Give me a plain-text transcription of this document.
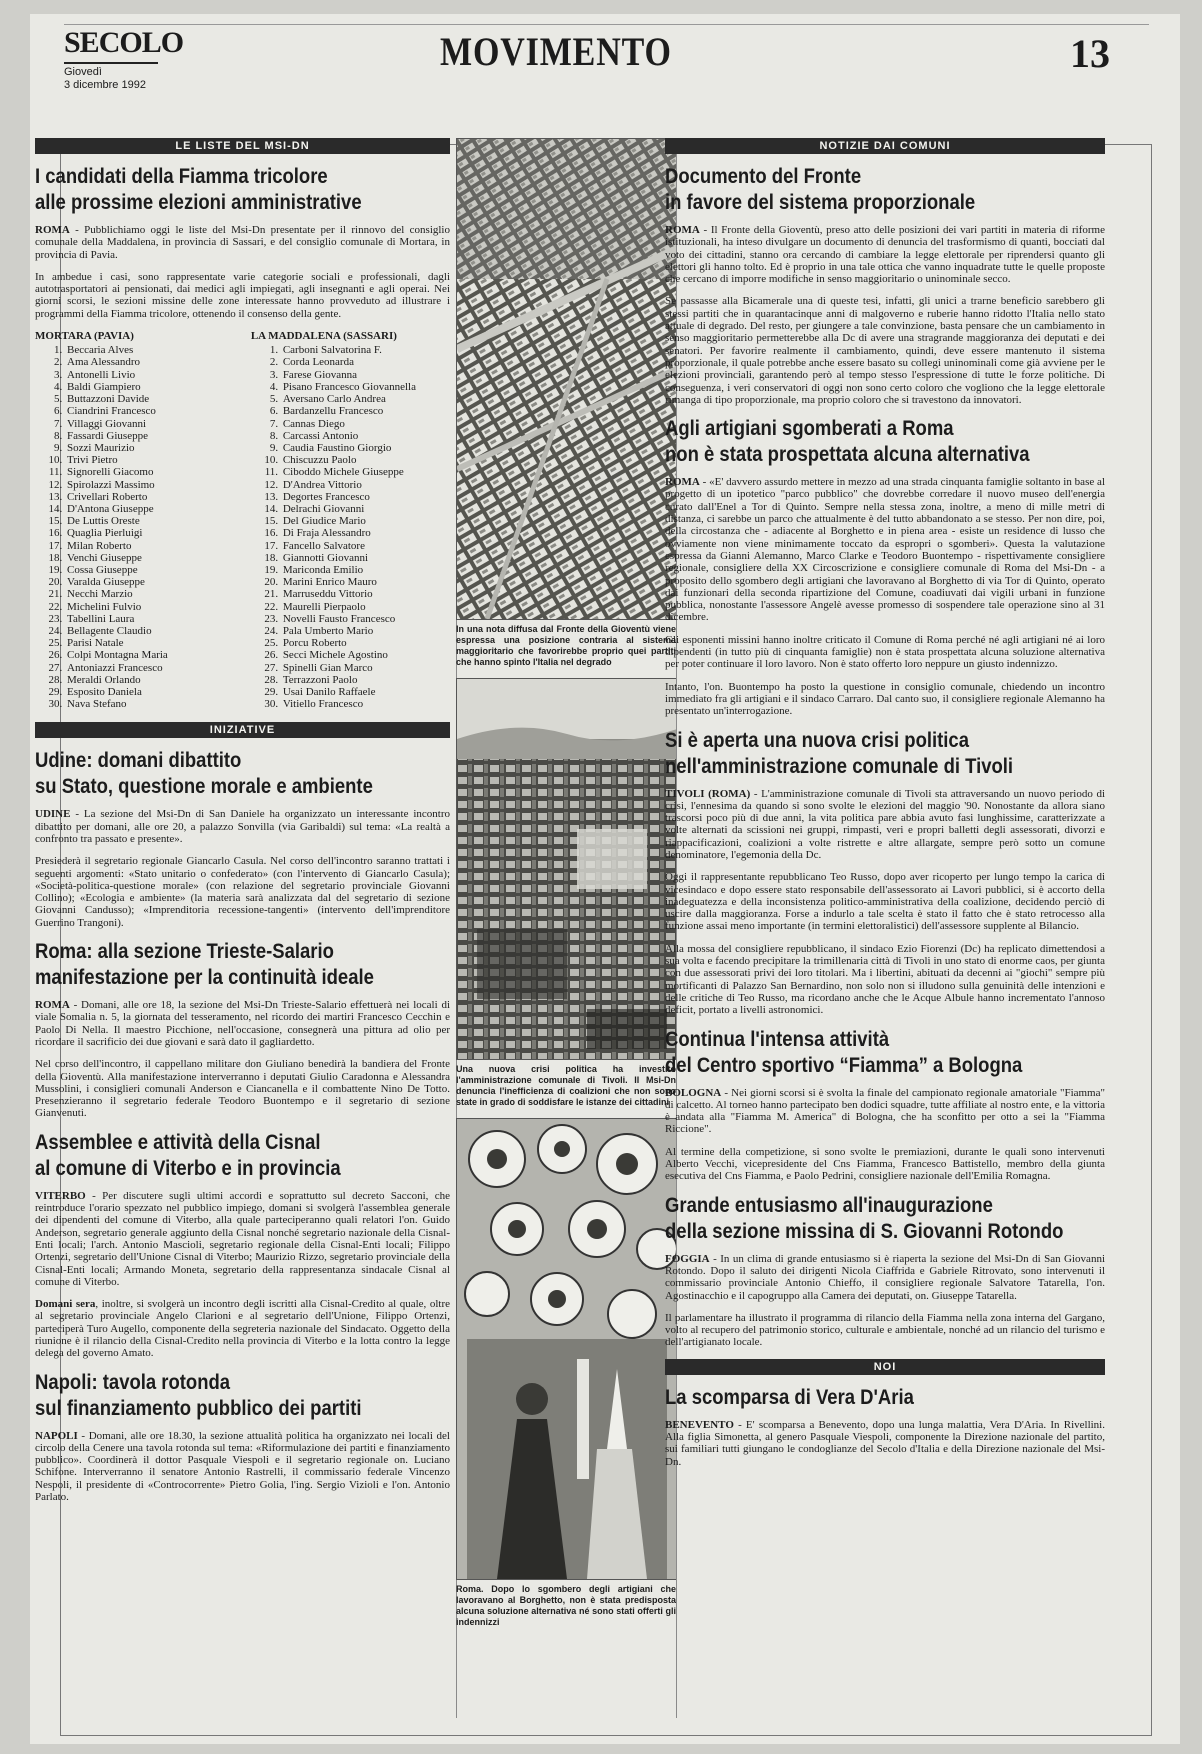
SECOLO
Giovedì
3 dicembre 1992
MOVIMENTO	13
LE LISTE DEL MSI-DN
I candidati della Fiamma tricolore
alle prossime elezioni amministrative

ROMA - Pubblichiamo oggi le liste del Msi-Dn presentate per il rinnovo del consiglio comunale della Maddalena, in provincia di Sassari, e del consiglio comunale di Mortara, in provincia di Pavia.

In ambedue i casi, sono rappresentate varie categorie sociali e professionali, dagli autotrasportatori ai pensionati, dai medici agli impiegati, agli insegnanti e agli operai. Nei giorni scorsi, le sezioni missine delle zone interessate hanno provveduto ad illustrare i programmi della Fiamma tricolore, ottenendo il consenso della gente.

MORTARA (PAVIA)
1. Beccaria Alves
2. Ama Alessandro
3. Antonelli Livio
4. Baldi Giampiero
5. Buttazzoni Davide
6. Ciandrini Francesco
7. Villaggi Giovanni
8. Fassardi Giuseppe
9. Sozzi Maurizio
10. Trivi Pietro
11. Signorelli Giacomo
12. Spirolazzi Massimo
13. Crivellari Roberto
14. D'Antona Giuseppe
15. De Luttis Oreste
16. Quaglia Pierluigi
17. Milan Roberto
18. Venchi Giuseppe
19. Cossa Giuseppe
20. Varalda Giuseppe
21. Necchi Marzio
22. Michelini Fulvio
23. Tabellini Laura
24. Bellagente Claudio
25. Parisi Natale
26. Colpi Montagna Maria
27. Antoniazzi Francesco
28. Meraldi Orlando
29. Esposito Daniela
30. Nava Stefano
LA MADDALENA (SASSARI)
1. Carboni Salvatorina F.
2. Corda Leonarda
3. Farese Giovanna
4. Pisano Francesco Giovannella
5. Aversano Carlo Andrea
6. Bardanzellu Francesco
7. Cannas Diego
8. Carcassi Antonio
9. Caudia Faustino Giorgio
10. Chiscuzzu Paolo
11. Ciboddo Michele Giuseppe
12. D'Andrea Vittorio
13. Degortes Francesco
14. Delrachi Giovanni
15. Del Giudice Mario
16. Di Fraja Alessandro
17. Fancello Salvatore
18. Giannotti Giovanni
19. Mariconda Emilio
20. Marini Enrico Mauro
21. Marruseddu Vittorio
22. Maurelli Pierpaolo
23. Novelli Fausto Francesco
24. Pala Umberto Mario
25. Porcu Roberto
26. Secci Michele Agostino
27. Spinelli Gian Marco
28. Terrazzoni Paolo
29. Usai Danilo Raffaele
30. Vitiello Francesco
INIZIATIVE
Udine: domani dibattito
su Stato, questione morale e ambiente

UDINE - La sezione del Msi-Dn di San Daniele ha organizzato un interessante incontro dibattito per domani, alle ore 20, a palazzo Sonvilla (via Garibaldi) sul tema: «La realtà a confronto tra passato e presente».

Presiederà il segretario regionale Giancarlo Casula. Nel corso dell'incontro saranno trattati i seguenti argomenti: «Stato unitario o confederato» (con l'intervento di Giancarlo Casula); «Società-politica-questione morale» (con relazione del segretario provinciale Giovanni Collino); «Ecologia e ambiente» (la materia sarà analizzata dal del segretario di sezione Giovanni Candusso); «Imprenditoria recessione-tangenti» (intervento dell'imprenditore Guerrino Trangoni).

Roma: alla sezione Trieste-Salario
manifestazione per la continuità ideale

ROMA - Domani, alle ore 18, la sezione del Msi-Dn Trieste-Salario effettuerà nei locali di viale Somalia n. 5, la giornata del tesseramento, nel ricordo dei martiri Francesco Cecchin e Paolo Di Nella. Il maestro Picchione, nell'occasione, consegnerà una pittura ad olio per ricordare il sacrificio dei due giovani e sarà dato il gagliardetto.

Nel corso dell'incontro, il cappellano militare don Giuliano benedirà la bandiera del Fronte della Gioventù. Alla manifestazione interverranno i deputati Giulio Caradonna e Alessandra Mussolini, i consiglieri comunali Anderson e Ciancanella e il combattente Nino De Totto. Presenzieranno il segretario federale Teodoro Buontempo e il segretario di sezione Gianvenuti.

Assemblee e attività della Cisnal
al comune di Viterbo e in provincia

VITERBO - Per discutere sugli ultimi accordi e soprattutto sul decreto Sacconi, che reintroduce l'orario spezzato nel pubblico impiego, domani si svolgerà l'assemblea generale dei dipendenti del comune di Viterbo, alla quale parteciperanno quali relatori l'on. Guido Anderson, segretario generale aggiunto della Cisnal nonché segretario nazionale della Cisnal-Enti locali; l'arch. Antonio Mascioli, segretario regionale della Cisnal-Enti locali; Filippo Ortenzi, segretario dell'Unione Cisnal di Viterbo; Maurizio Rizzo, segretario provinciale della Cisnal-Enti locali; Armando Moneta, segretario della rappresentanza sindacale Cisnal al comune di Viterbo.

Domani sera, inoltre, si svolgerà un incontro degli iscritti alla Cisnal-Credito al quale, oltre al segretario provinciale Angelo Clarioni e al segretario dell'Unione, Filippo Ortenzi, parteciperà Turo Augello, componente della segreteria nazionale del Sindacato. Oggetto della riunione è il rilancio della Cisnal-Credito nella provincia di Viterbo e la lotta contro la legge delega del governo Amato.

Napoli: tavola rotonda
sul finanziamento pubblico dei partiti

NAPOLI - Domani, alle ore 18.30, la sezione attualità politica ha organizzato nei locali del circolo della Cenere una tavola rotonda sul tema: «Riformulazione dei partiti e finanziamento pubblico». Coordinerà il dottor Pasquale Viespoli e il segretario regionale on. Luciano Schifone. Interverranno il senatore Antonio Rastrelli, il commissario federale Vincenzo Nespoli, il presidente di «Controcorrente» Pietro Golia, l'ing. Sergio Vizioli e l'on. Antonio Parlato.

In una nota diffusa dal Fronte della Gioventù viene espressa una posizione contraria al sistema maggioritario che favorirebbe proprio quei partiti che hanno spinto l'Italia nel degrado
Una nuova crisi politica ha investito l'amministrazione comunale di Tivoli. Il Msi-Dn denuncia l'inefficienza di coalizioni che non sono state in grado di soddisfare le istanze dei cittadini
Roma. Dopo lo sgombero degli artigiani che lavoravano al Borghetto, non è stata predisposta alcuna soluzione alternativa né sono stati offerti gli indennizzi
NOTIZIE DAI COMUNI
Documento del Fronte
in favore del sistema proporzionale

ROMA - Il Fronte della Gioventù, preso atto delle posizioni dei vari partiti in materia di riforme istituzionali, ha inteso divulgare un documento di denuncia del trasformismo di quanti, bocciati dal voto dei cittadini, stanno ora cercando di cambiare la legge elettorale per riprendersi quanto gli elettori gli hanno tolto. Ed è proprio in una tale ottica che vanno inquadrate tutte le quelle proposte che cercano di imporre modifiche in senso maggioritario o uninominale secco.

Se passasse alla Bicamerale una di queste tesi, infatti, gli unici a trarne beneficio sarebbero gli stessi partiti che in quarantacinque anni di malgoverno e ruberie hanno ridotto l'Italia nello stato attuale di degrado. Del resto, per giungere a tale convinzione, basta pensare che un cambiamento in senso maggioritario permetterebbe alla Dc di avere una stragrande maggioranza dei deputati e dei senatori. Per favorire realmente il cambiamento, quindi, deve essere mantenuto il sistema proporzionale, il quale potrebbe anche essere basato su collegi uninominali come già avviene per le elezioni provinciali, garantendo però al tempo stesso l'espressione di tutte le forze politiche. Di conseguenza, i veri conservatori di oggi non sono certo coloro che vogliono che la legge elettorale rimanga di tipo proporzionale, ma proprio coloro che si travestono da innovatori.

Agli artigiani sgomberati a Roma
non è stata prospettata alcuna alternativa

ROMA - «E' davvero assurdo mettere in mezzo ad una strada cinquanta famiglie soltanto in base al progetto di un ipotetico "parco pubblico" che dovrebbe corredare il nuovo museo dell'energia curato dall'Enel a Tor di Quinto. Sempre nella stessa zona, inoltre, a meno di mille metri di distanza, ci sarebbe un parco che attualmente è del tutto abbandonato a se stesso. Per non dire, poi, della circostanza che - adiacente al Borghetto e in piena area - esiste un residence di lusso che ovviamente non viene minimamente toccato da espropri o sgomberi». Questa la valutazione espressa da Gianni Alemanno, Marco Clarke e Teodoro Buontempo - rispettivamente consigliere regionale, consigliere della XX Circoscrizione e consigliere comunale di Roma del Msi-Dn - a proposito dello sgombero degli artigiani che lavoravano al Borghetto di via Tor di Quinto, operato dai funzionari della seconda ripartizione del Comune, coadiuvati dai vigili urbani in funzione pubblica, nonostante l'assessore Angelè avesse promesso di sospendere tale operazione sino al 31 dicembre.

Gli esponenti missini hanno inoltre criticato il Comune di Roma perché né agli artigiani né ai loro dipendenti (in tutto più di cinquanta famiglie) non è stata prospettata alcuna soluzione alternativa per poter continuare il loro lavoro. Non è stato offerto loro neppure un giusto indennizzo.

Intanto, l'on. Buontempo ha posto la questione in consiglio comunale, chiedendo un incontro immediato fra gli artigiani e il sindaco Carraro. Dal canto suo, il consigliere regionale Alemanno ha presentato un'interrogazione.

Si è aperta una nuova crisi politica
nell'amministrazione comunale di Tivoli

TIVOLI (ROMA) - L'amministrazione comunale di Tivoli sta attraversando un nuovo periodo di crisi, l'ennesima da quando si sono svolte le elezioni del maggio '90. Nonostante da allora siano trascorsi poco più di due anni, la vita politica pare abbia avuto fasi lunghissime, caratterizzate a volte alternati da scissioni nei gruppi, rimpasti, veri e propri balletti degli assessorati, divorzi e riappacificazioni, coalizioni a volte ristrette e altre allargate, sempre però sotto un comune denominatore, l'egemonia della Dc.

Oggi il rappresentante repubblicano Teo Russo, dopo aver ricoperto per lungo tempo la carica di vicesindaco e dopo essere stato responsabile dell'assessorato ai Lavori pubblici, si è accorto della inadeguatezza e della inconsistenza politico-amministrativa della coalizione, decidendo perciò di uscire dalla maggioranza. Forse a indurlo a tale scelta è stato il fatto che è stato retrocesso alla funzione assai meno importante (in termini elettoralistici) dell'assessore supplente al Bilancio.

Alla mossa del consigliere repubblicano, il sindaco Ezio Fiorenzi (Dc) ha replicato dimettendosi a sua volta e facendo precipitare la trimillenaria città di Tivoli in uno stato di enorme caos, per giunta con due assessorati privi dei loro titolari. Ma i libertini, abituati da decenni ai "giochi" sempre più mortificanti di Palazzo San Bernardino, non solo non si illudono sulla genuinità delle intenzioni e delle critiche di Teo Russo, ma ricordano anche che le Acque Albule hanno incrementato l'annoso deficit, portato a livelli astronomici.

Continua l'intensa attività
del Centro sportivo “Fiamma” a Bologna

BOLOGNA - Nei giorni scorsi si è svolta la finale del campionato regionale amatoriale "Fiamma" di calcetto. Al torneo hanno partecipato ben dodici squadre, tutte affiliate al nostro ente, e la vittoria è andata alla "Fiamma M. America" di Bologna, che ha sconfitto per otto a sei la "Fiamma Riccione".

Al termine della competizione, si sono svolte le premiazioni, durante le quali sono intervenuti Alberto Vecchi, vicepresidente del Cns Fiamma, Francesco Battistello, membro della giunta esecutiva del Cns Fiamma, e Paolo Pedrini, consigliere nazionale dell'Emilia Romagna.

Grande entusiasmo all'inaugurazione
della sezione missina di S. Giovanni Rotondo

FOGGIA - In un clima di grande entusiasmo si è riaperta la sezione del Msi-Dn di San Giovanni Rotondo. Dopo il saluto dei dirigenti Nicola Ciaffrida e Gabriele Ritrovato, sono intervenuti il commissario provinciale Antonio Chieffo, il consigliere regionale Salvatore Tatarella, l'on. Agostinacchio e il capogruppo alla Camera dei deputati, on. Giuseppe Tatarella.

Il parlamentare ha illustrato il programma di rilancio della Fiamma nella zona interna del Gargano, volto al recupero del patrimonio storico, culturale e ambientale, nonché ad un rilancio del turismo e dell'artigianato locale.

NOI
La scomparsa di Vera D'Aria

BENEVENTO - E' scomparsa a Benevento, dopo una lunga malattia, Vera D'Aria. In Rivellini. Alla figlia Simonetta, al genero Pasquale Viespoli, componente la Direzione nazionale del partito, sui familiari tutti giungano le condoglianze del Secolo d'Italia e della Direzione nazionale del Msi-Dn.
